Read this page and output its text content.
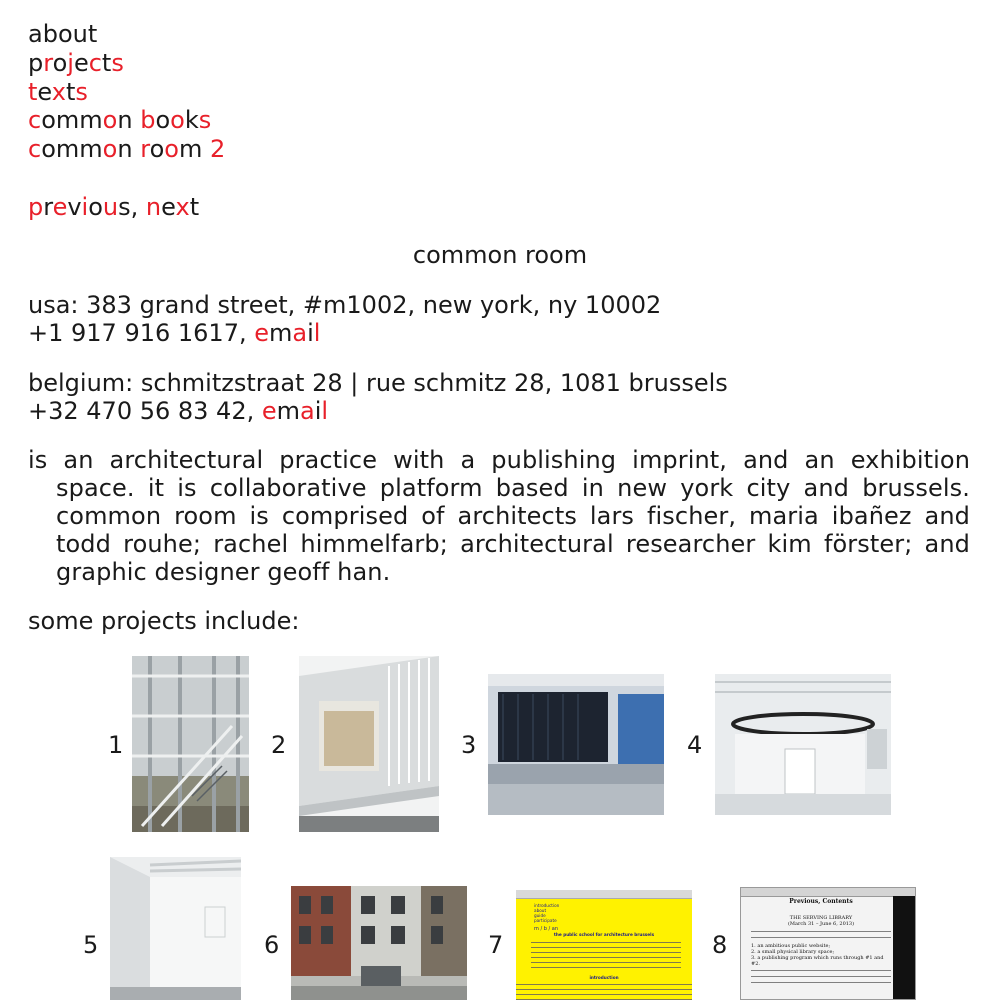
about
projects
texts
common books
common room 2
previous, next
common room
usa: 383 grand street, #m1002, new york, ny 10002
+1 917 916 1617, email
belgium: schmitzstraat 28 | rue schmitz 28, 1081 brussels
+32 470 56 83 42, email
is an architectural practice with a publishing imprint, and an exhibition space. it is collaborative platform based in new york city and brussels. common room is comprised of architects lars fischer, maria ibañez and todd rouhe; rachel himmelfarb; architectural researcher kim förster; and graphic designer geoff han.
some projects include:
1	2	3	4
5	6	7	8
introduction
about
guide
participate
m / b / an
the public school for architecture brussels
introduction
Previous, Contents
THE SERVING LIBRARY
(March 31 – June 6, 2013)
1. an ambitious public website;
2. a small physical library space;
3. a publishing program which runs through #1 and #2.
